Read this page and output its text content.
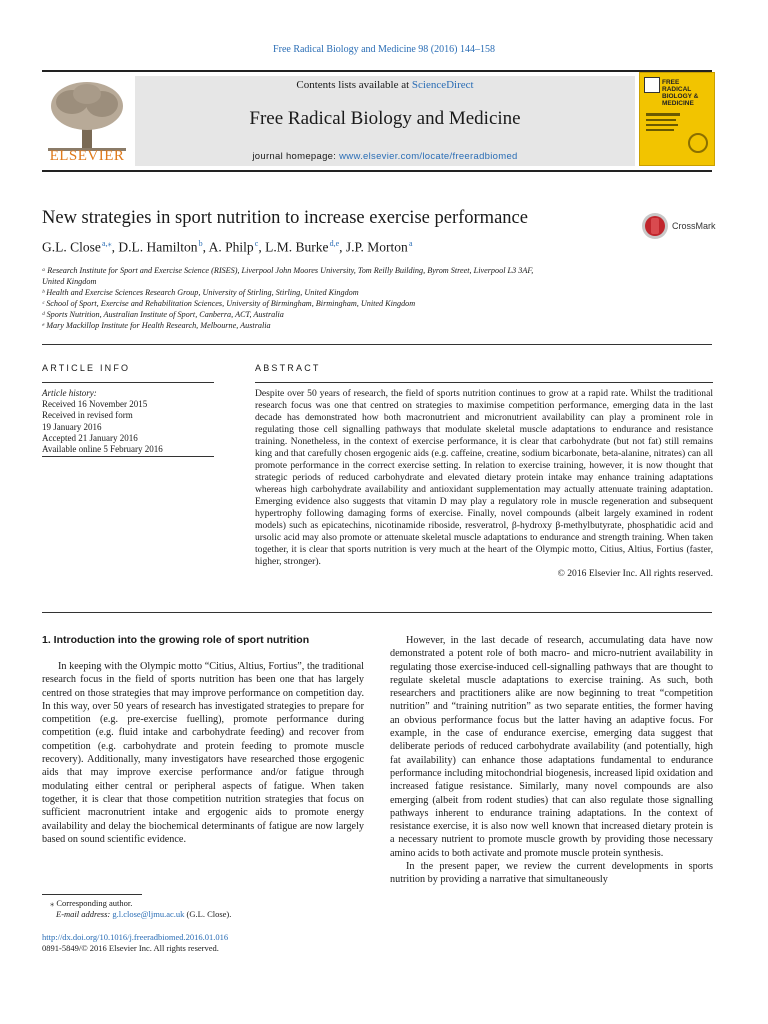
Free Radical Biology and Medicine 98 (2016) 144–158
ELSEVIER
Contents lists available at ScienceDirect
Free Radical Biology and Medicine
journal homepage: www.elsevier.com/locate/freeradbiomed
FREE
RADICAL
BIOLOGY &
MEDICINE
New strategies in sport nutrition to increase exercise performance	CrossMark
G.L. Close $^{a,⁎}$, D.L. Hamilton $^b$, A. Philp $^c$, L.M. Burke $^{d,e}$, J.P. Morton $^a$
ᵃ Research Institute for Sport and Exercise Science (RISES), Liverpool John Moores University, Tom Reilly Building, Byrom Street, Liverpool L3 3AF,
United Kingdom
ᵇ Health and Exercise Sciences Research Group, University of Stirling, Stirling, United Kingdom
ᶜ School of Sport, Exercise and Rehabilitation Sciences, University of Birmingham, Birmingham, United Kingdom
ᵈ Sports Nutrition, Australian Institute of Sport, Canberra, ACT, Australia
ᵉ Mary Mackillop Institute for Health Research, Melbourne, Australia
ARTICLE INFO	ABSTRACT
Article history:
Received 16 November 2015
Received in revised form
19 January 2016
Accepted 21 January 2016
Available online 5 February 2016
Despite over 50 years of research, the field of sports nutrition continues to grow at a rapid rate. Whilst the traditional research focus was one that centred on strategies to maximise competition performance, emerging data in the last decade has demonstrated how both macronutrient and micronutrient availability can play a prominent role in regulating those cell signalling pathways that modulate skeletal muscle adaptations to endurance and resistance training. Nonetheless, in the context of exercise performance, it is clear that carbohydrate (but not fat) still remains king and that carefully chosen ergogenic aids (e.g. caffeine, creatine, sodium bicarbonate, beta-alanine, nitrates) can all promote performance in the correct exercise setting. In relation to exercise training, however, it is now thought that strategic periods of reduced carbohydrate and elevated dietary protein intake may enhance training adaptations whereas high carbohydrate availability and antioxidant supplementation may actually attenuate training adaptation. Emerging evidence also suggests that vitamin D may play a regulatory role in muscle regeneration and subsequent hypertrophy following damaging forms of exercise. Finally, novel compounds (albeit largely examined in rodent models) such as epicatechins, nicotinamide riboside, resveratrol, β-hydroxy β-methylbutyrate, phosphatidic acid and ursolic acid may also promote or attenuate skeletal muscle adaptations to endurance and strength training. When taken together, it is clear that sports nutrition is very much at the heart of the Olympic motto, Citius, Altius, Fortius (faster, higher, stronger).
© 2016 Elsevier Inc. All rights reserved.
1. Introduction into the growing role of sport nutrition

In keeping with the Olympic motto “Citius, Altius, Fortius”, the traditional research focus in the field of sports nutrition has been one that has largely centred on those strategies that may improve performance on competition day. In this way, over 50 years of research has investigated strategies to prepare for competition (e.g. pre-exercise fuelling), promote performance during competition (e.g. fluid intake and carbohydrate feeding) and recover from competition (e.g. carbohydrate and protein feeding to promote muscle recovery). Additionally, many investigators have researched those ergogenic aids that may improve exercise performance and/or fatigue through modulating either central or peripheral aspects of fatigue. When taken together, it is clear that those competition nutrition strategies that focus on sufficient macronutrient intake and ergogenic aids to promote energy availability and delay the biochemical determinants of fatigue are now largely based on sound scientific evidence.

However, in the last decade of research, accumulating data have now demonstrated a potent role of both macro- and micro-nutrient availability in regulating those exercise-induced cell-signalling pathways that are thought to regulate skeletal muscle adaptations to exercise training. As such, both researchers and practitioners alike are now beginning to treat “competition nutrition” and “training nutrition” as two separate entities, the former having an obvious performance focus but the latter having an adaptive focus. For example, in the case of endurance exercise, emerging data suggest that deliberate periods of reduced carbohydrate availability (and potentially, high fat availability) can enhance those adaptations fundamental to endurance performance including mitochondrial biogenesis, increased lipid oxidation and increased fatigue resistance. Similarly, many novel compounds are also emerging (albeit from rodent studies) that can also regulate those signalling pathways inherent to endurance training adaptations. In the context of resistance exercise, it is also now well known that increased dietary protein is a necessary nutrient to promote muscle growth by providing those necessary amino acids to both activate and promote muscle protein synthesis.

In the present paper, we review the current developments in sports nutrition by providing a narrative that simultaneously

⁎ Corresponding author.
E-mail address: g.l.close@ljmu.ac.uk (G.L. Close).
http://dx.doi.org/10.1016/j.freeradbiomed.2016.01.016
0891-5849/© 2016 Elsevier Inc. All rights reserved.
